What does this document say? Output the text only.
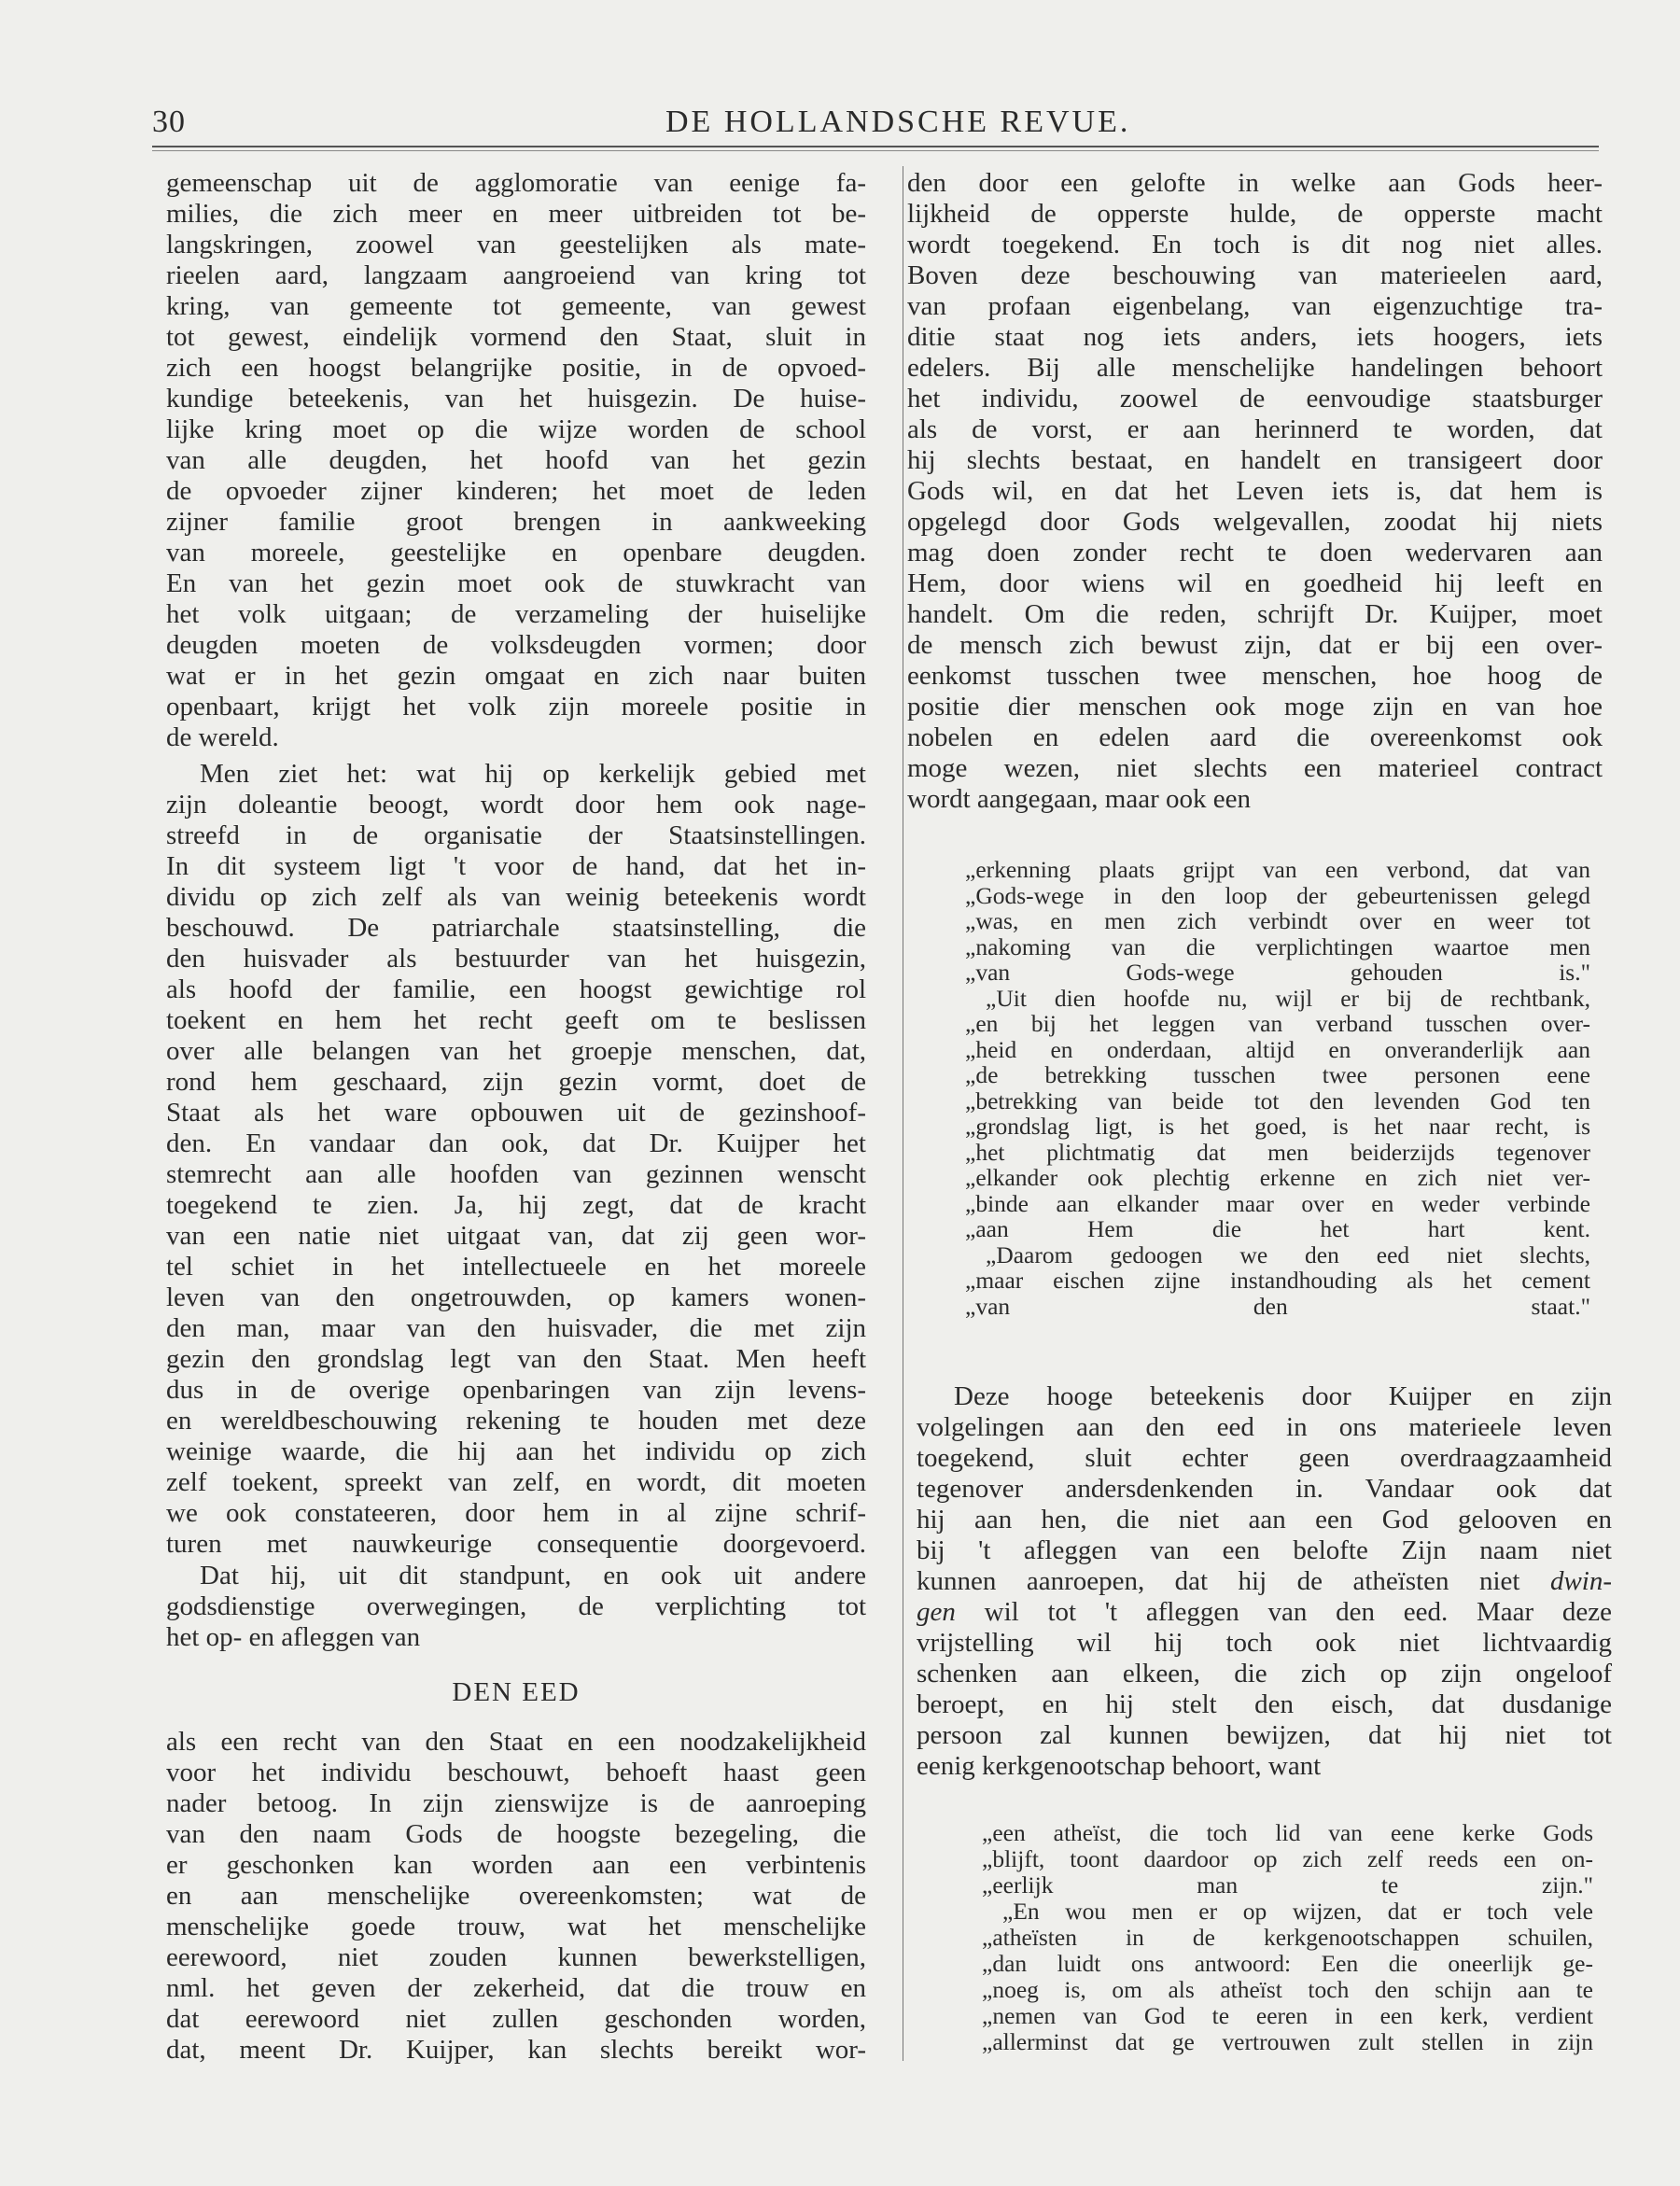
30	DE HOLLANDSCHE REVUE.
gemeenschap uit de agglomoratie van eenige fa-
milies, die zich meer en meer uitbreiden tot be-
langskringen, zoowel van geestelijken als mate-
rieelen aard, langzaam aangroeiend van kring tot
kring, van gemeente tot gemeente, van gewest
tot gewest, eindelijk vormend den Staat, sluit in
zich een hoogst belangrijke positie, in de opvoed-
kundige beteekenis, van het huisgezin. De huise-
lijke kring moet op die wijze worden de school
van alle deugden, het hoofd van het gezin
de opvoeder zijner kinderen; het moet de leden
zijner familie groot brengen in aankweeking
van moreele, geestelijke en openbare deugden.
En van het gezin moet ook de stuwkracht van
het volk uitgaan; de verzameling der huiselijke
deugden moeten de volksdeugden vormen; door
wat er in het gezin omgaat en zich naar buiten
openbaart, krijgt het volk zijn moreele positie in
de wereld.
Men ziet het: wat hij op kerkelijk gebied met
zijn doleantie beoogt, wordt door hem ook nage-
streefd in de organisatie der Staatsinstellingen.
In dit systeem ligt 't voor de hand, dat het in-
dividu op zich zelf als van weinig beteekenis wordt
beschouwd. De patriarchale staatsinstelling, die
den huisvader als bestuurder van het huisgezin,
als hoofd der familie, een hoogst gewichtige rol
toekent en hem het recht geeft om te beslissen
over alle belangen van het groepje menschen, dat,
rond hem geschaard, zijn gezin vormt, doet de
Staat als het ware opbouwen uit de gezinshoof-
den. En vandaar dan ook, dat Dr. Kuijper het
stemrecht aan alle hoofden van gezinnen wenscht
toegekend te zien. Ja, hij zegt, dat de kracht
van een natie niet uitgaat van, dat zij geen wor-
tel schiet in het intellectueele en het moreele
leven van den ongetrouwden, op kamers wonen-
den man, maar van den huisvader, die met zijn
gezin den grondslag legt van den Staat. Men heeft
dus in de overige openbaringen van zijn levens-
en wereldbeschouwing rekening te houden met deze
weinige waarde, die hij aan het individu op zich
zelf toekent, spreekt van zelf, en wordt, dit moeten
we ook constateeren, door hem in al zijne schrif-
turen met nauwkeurige consequentie doorgevoerd.
Dat hij, uit dit standpunt, en ook uit andere
godsdienstige overwegingen, de verplichting tot
het op- en afleggen van
DEN EED
als een recht van den Staat en een noodzakelijkheid
voor het individu beschouwt, behoeft haast geen
nader betoog. In zijn zienswijze is de aanroeping
van den naam Gods de hoogste bezegeling, die
er geschonken kan worden aan een verbintenis
en aan menschelijke overeenkomsten; wat de
menschelijke goede trouw, wat het menschelijke
eerewoord, niet zouden kunnen bewerkstelligen,
nml. het geven der zekerheid, dat die trouw en
dat eerewoord niet zullen geschonden worden,
dat, meent Dr. Kuijper, kan slechts bereikt wor-
den door een gelofte in welke aan Gods heer-
lijkheid de opperste hulde, de opperste macht
wordt toegekend. En toch is dit nog niet alles.
Boven deze beschouwing van materieelen aard,
van profaan eigenbelang, van eigenzuchtige tra-
ditie staat nog iets anders, iets hoogers, iets
edelers. Bij alle menschelijke handelingen behoort
het individu, zoowel de eenvoudige staatsburger
als de vorst, er aan herinnerd te worden, dat
hij slechts bestaat, en handelt en transigeert door
Gods wil, en dat het Leven iets is, dat hem is
opgelegd door Gods welgevallen, zoodat hij niets
mag doen zonder recht te doen wedervaren aan
Hem, door wiens wil en goedheid hij leeft en
handelt. Om die reden, schrijft Dr. Kuijper, moet
de mensch zich bewust zijn, dat er bij een over-
eenkomst tusschen twee menschen, hoe hoog de
positie dier menschen ook moge zijn en van hoe
nobelen en edelen aard die overeenkomst ook
moge wezen, niet slechts een materieel contract
wordt aangegaan, maar ook een
„erkenning plaats grijpt van een verbond, dat van
„Gods-wege in den loop der gebeurtenissen gelegd
„was, en men zich verbindt over en weer tot
„nakoming van die verplichtingen waartoe men
„van Gods-wege gehouden is."
„Uit dien hoofde nu, wijl er bij de rechtbank,
„en bij het leggen van verband tusschen over-
„heid en onderdaan, altijd en onveranderlijk aan
„de betrekking tusschen twee personen eene
„betrekking van beide tot den levenden God ten
„grondslag ligt, is het goed, is het naar recht, is
„het plichtmatig dat men beiderzijds tegenover
„elkander ook plechtig erkenne en zich niet ver-
„binde aan elkander maar over en weder verbinde
„aan Hem die het hart kent.
„Daarom gedoogen we den eed niet slechts,
„maar eischen zijne instandhouding als het cement
„van den staat."
Deze hooge beteekenis door Kuijper en zijn
volgelingen aan den eed in ons materieele leven
toegekend, sluit echter geen overdraagzaamheid
tegenover andersdenkenden in. Vandaar ook dat
hij aan hen, die niet aan een God gelooven en
bij 't afleggen van een belofte Zijn naam niet
kunnen aanroepen, dat hij de atheïsten niet dwin-
gen wil tot 't afleggen van den eed. Maar deze
vrijstelling wil hij toch ook niet lichtvaardig
schenken aan elkeen, die zich op zijn ongeloof
beroept, en hij stelt den eisch, dat dusdanige
persoon zal kunnen bewijzen, dat hij niet tot
eenig kerkgenootschap behoort, want
„een atheïst, die toch lid van eene kerke Gods
„blijft, toont daardoor op zich zelf reeds een on-
„eerlijk man te zijn."
„En wou men er op wijzen, dat er toch vele
„atheïsten in de kerkgenootschappen schuilen,
„dan luidt ons antwoord: Een die oneerlijk ge-
„noeg is, om als atheïst toch den schijn aan te
„nemen van God te eeren in een kerk, verdient
„allerminst dat ge vertrouwen zult stellen in zijn
